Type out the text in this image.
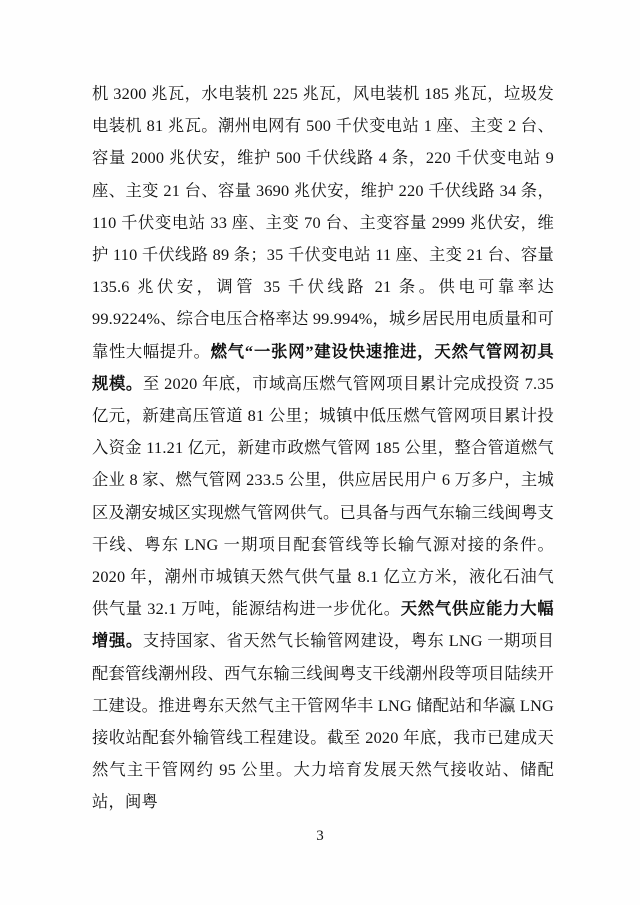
机 3200 兆瓦，水电装机 225 兆瓦，风电装机 185 兆瓦，垃圾发电装机 81 兆瓦。潮州电网有 500 千伏变电站 1 座、主变 2 台、容量 2000 兆伏安，维护 500 千伏线路 4 条，220 千伏变电站 9 座、主变 21 台、容量 3690 兆伏安，维护 220 千伏线路 34 条，110 千伏变电站 33 座、主变 70 台、主变容量 2999 兆伏安，维护 110 千伏线路 89 条；35 千伏变电站 11 座、主变 21 台、容量 135.6 兆伏安，调管 35 千伏线路 21 条。供电可靠率达 99.9224%、综合电压合格率达 99.994%，城乡居民用电质量和可靠性大幅提升。燃气“一张网”建设快速推进，天然气管网初具规模。至 2020 年底，市域高压燃气管网项目累计完成投资 7.35 亿元，新建高压管道 81 公里；城镇中低压燃气管网项目累计投入资金 11.21 亿元，新建市政燃气管网 185 公里，整合管道燃气企业 8 家、燃气管网 233.5 公里，供应居民用户 6 万多户，主城区及潮安城区实现燃气管网供气。已具备与西气东输三线闽粤支干线、粤东 LNG 一期项目配套管线等长输气源对接的条件。2020 年，潮州市城镇天然气供气量 8.1 亿立方米，液化石油气供气量 32.1 万吨，能源结构进一步优化。天然气供应能力大幅增强。支持国家、省天然气长输管网建设，粤东 LNG 一期项目配套管线潮州段、西气东输三线闽粤支干线潮州段等项目陆续开工建设。推进粤东天然气主干管网华丰 LNG 储配站和华瀛 LNG 接收站配套外输管线工程建设。截至 2020 年底，我市已建成天然气主干管网约 95 公里。大力培育发展天然气接收站、储配站，闽粤

3
